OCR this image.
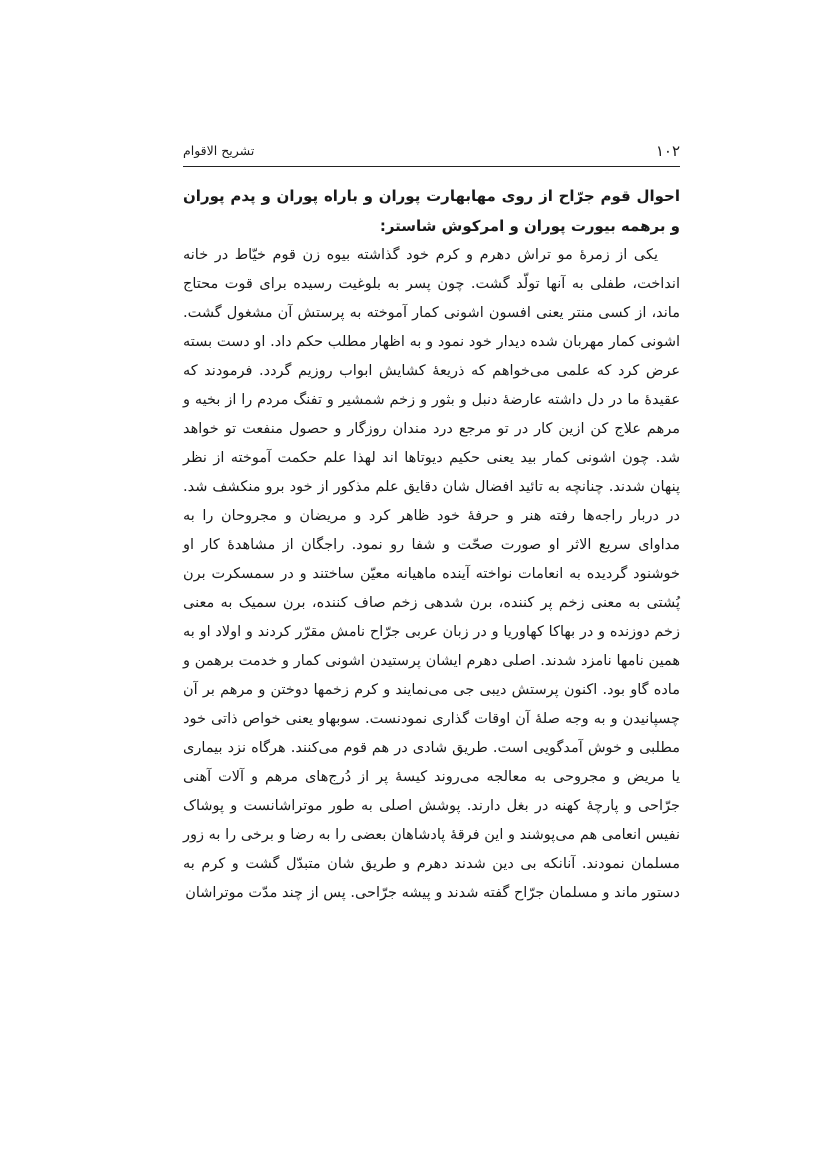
۱۰۲
تشریح الاقوام
احوال قوم جرّاح از روی مهابهارت پوران و باراه پوران و پدم پوران و برهمه بیورت پوران و امرکوش شاستر:

یکی از زمرهٔ مو تراش دهرم و کرم خود گذاشته بیوه زن قوم خیّاط در خانه انداخت، طفلی به آنها تولّد گشت. چون پسر به بلوغیت رسیده برای قوت محتاج ماند، از کسی منتر یعنی افسون اشونی کمار آموخته به پرستش آن مشغول گشت. اشونی کمار مهربان شده دیدار خود نمود و به اظهار مطلب حکم داد. او دست بسته عرض کرد که علمی می‌خواهم که ذریعهٔ کشایش ابواب روزیم گردد. فرمودند که عقیدهٔ ما در دل داشته عارضهٔ دنبل و بثور و زخم شمشیر و تفنگ مردم را از بخیه و مرهم علاج کن ازین کار در تو مرجع درد مندان روزگار و حصول منفعت تو خواهد شد. چون اشونی کمار بید یعنی حکیم دیوتاها اند لهذا علم حکمت آموخته از نظر پنهان شدند. چنانچه به تائید افضال شان دقایق علم مذکور از خود برو منکشف شد. در دربار راجه‌ها رفته هنر و حرفهٔ خود ظاهر کرد و مریضان و مجروحان را به مداوای سریع الاثر او صورت صحّت و شفا رو نمود. راجگان از مشاهدهٔ کار او خوشنود گردیده به انعامات نواخته آینده ماهیانه معیّن ساختند و در سمسکرت برن پُشتی به معنی زخم پر کننده، برن شدهی زخم صاف کننده، برن سمیک به معنی زخم دوزنده و در بهاکا کهاوریا و در زبان عربی جرّاح نامش مقرّر کردند و اولاد او به همین نامها نامزد شدند. اصلی دهرم ایشان پرستیدن اشونی کمار و خدمت برهمن و ماده گاو بود. اکنون پرستش دیبی جی می‌نمایند و کرم زخمها دوختن و مرهم بر آن چسپانیدن و به وجه صلهٔ آن اوقات گذاری نمودنست. سوبهاو یعنی خواص ذاتی خود مطلبی و خوش آمدگویی است. طریق شادی در هم قوم می‌کنند. هرگاه نزد بیماری یا مریض و مجروحی به معالجه می‌روند کیسهٔ پر از دُرج‌های مرهم و آلات آهنی جرّاحی و پارچهٔ کهنه در بغل دارند. پوشش اصلی به طور موتراشانست و پوشاک نفیس انعامی هم می‌پوشند و این فرقهٔ پادشاهان بعضی را به رضا و برخی را به زور مسلمان نمودند. آنانکه بی دین شدند دهرم و طریق شان متبدّل گشت و کرم به دستور ماند و مسلمان جرّاح گفته شدند و پیشه جرّاحی. پس از چند مدّت موتراشان
